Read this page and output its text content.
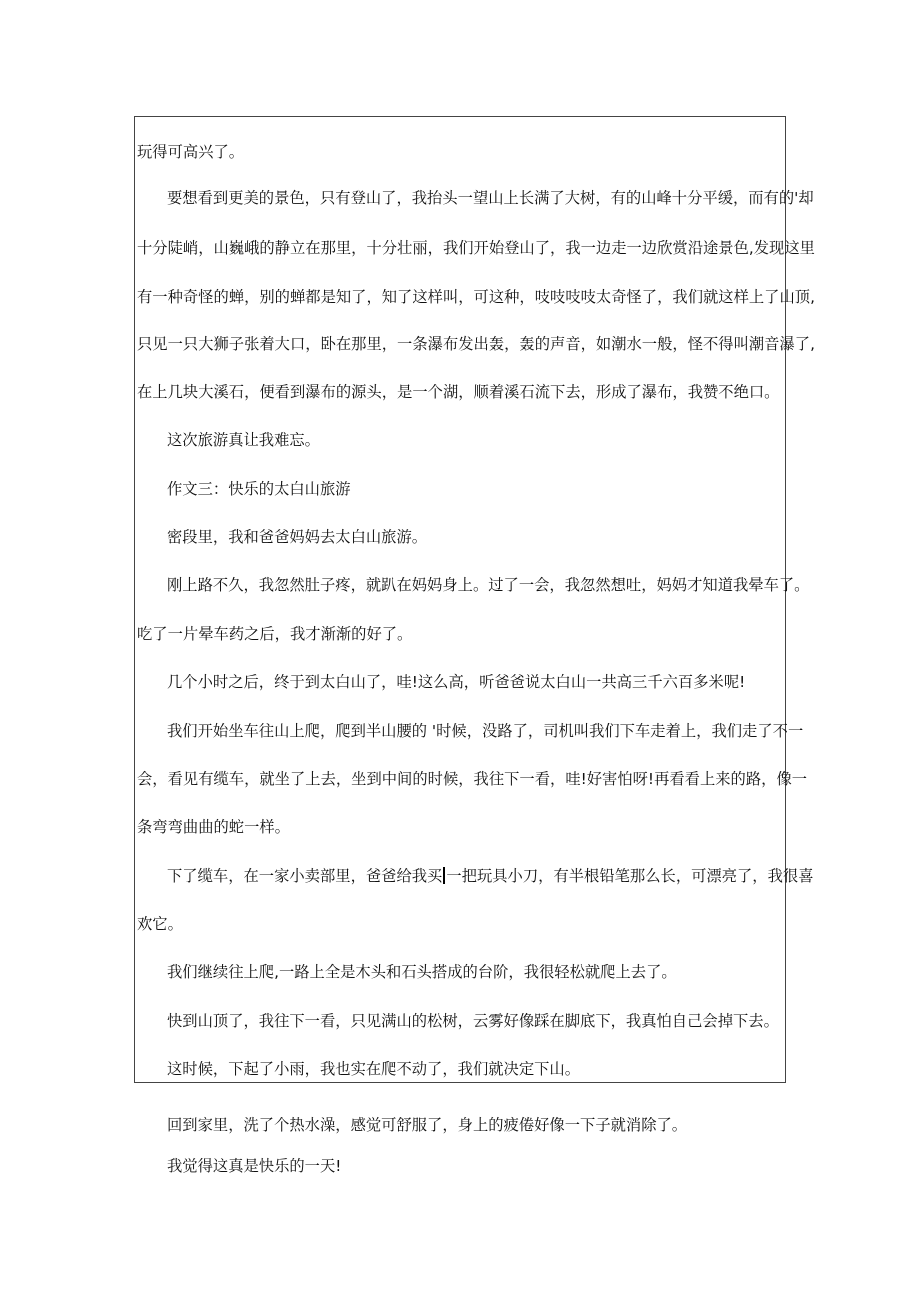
玩得可高兴了。

要想看到更美的景色，只有登山了，我抬头一望山上长满了大树，有的山峰十分平缓，而有的'却

十分陡峭，山巍峨的静立在那里，十分壮丽，我们开始登山了，我一边走一边欣赏沿途景色,发现这里

有一种奇怪的蝉，别的蝉都是知了，知了这样叫，可这种，吱吱吱吱太奇怪了，我们就这样上了山顶,

只见一只大狮子张着大口，卧在那里，一条瀑布发出轰，轰的声音，如潮水一般，怪不得叫潮音瀑了,

在上几块大溪石，便看到瀑布的源头，是一个湖，顺着溪石流下去，形成了瀑布，我赞不绝口。

这次旅游真让我难忘。

作文三：快乐的太白山旅游

密段里，我和爸爸妈妈去太白山旅游。

刚上路不久，我忽然肚子疼，就趴在妈妈身上。过了一会，我忽然想吐，妈妈才知道我晕车了。

吃了一片晕车药之后，我才渐渐的好了。

几个小时之后，终于到太白山了，哇!这么高，听爸爸说太白山一共高三千六百多米呢!

我们开始坐车往山上爬，爬到半山腰的 '时候，没路了，司机叫我们下车走着上，我们走了不一

会，看见有缆车，就坐了上去，坐到中间的时候，我往下一看，哇!好害怕呀!再看看上来的路，像一

条弯弯曲曲的蛇一样。

下了缆车，在一家小卖部里，爸爸给我买 一把玩具小刀，有半根铅笔那么长，可漂亮了，我很喜

欢它。

我们继续往上爬,一路上全是木头和石头搭成的台阶，我很轻松就爬上去了。

快到山顶了，我往下一看，只见满山的松树，云雾好像踩在脚底下，我真怕自己会掉下去。

这时候，下起了小雨，我也实在爬不动了，我们就决定下山。

回到家里，洗了个热水澡，感觉可舒服了，身上的疲倦好像一下子就消除了。

我觉得这真是快乐的一天!
